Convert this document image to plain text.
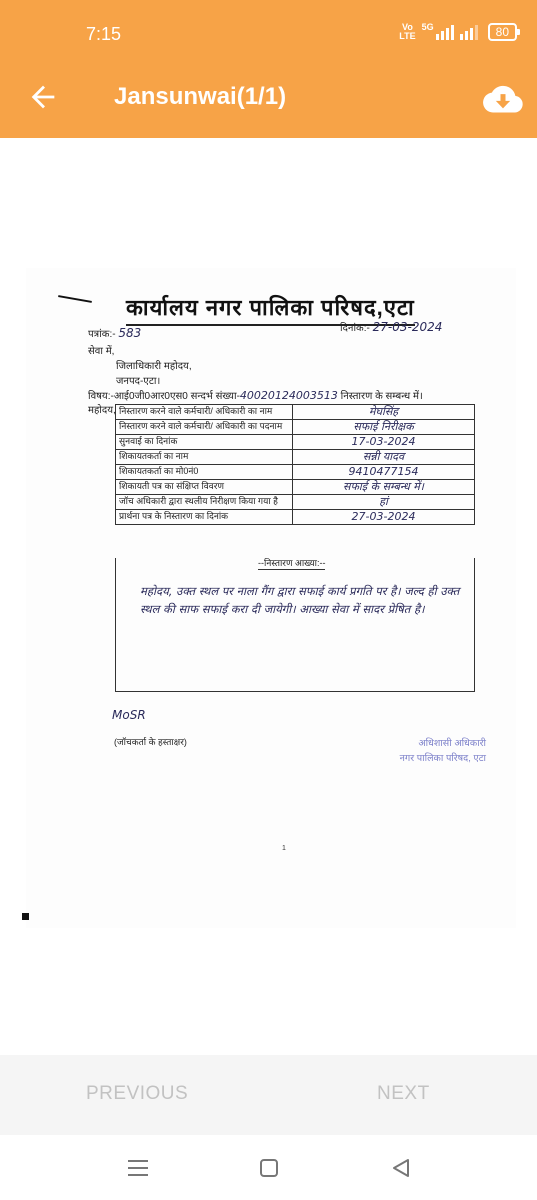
7:15	Vo
LTE
5G	80
Jansunwai(1/1)
कार्यालय नगर पालिका परिषद,एटा
पत्रांक:- 583	दिनांक:- 27-03-2024
सेवा में,
जिलाधिकारी महोदय,
जनपद-एटा।
विषय:-आई0जी0आर0एस0 सन्दर्भ संख्या-40020124003513 निस्तारण के सम्बन्ध में।
महोदय, निस्तारण करने वाले कर्मचारी/ अधिकारी का नाम	मेघसिंह
निस्तारण करने वाले कर्मचारी/ अधिकारी का पदनाम	सफाई निरीक्षक
सुनवाई का दिनांक	17-03-2024
शिकायतकर्ता का नाम	सन्नी यादव
शिकायतकर्ता का मो0नं0	9410477154
शिकायती पत्र का संक्षिप्त विवरण	सफाई के सम्बन्ध में।
जॉच अधिकारी द्वारा स्थलीय निरीक्षण किया गया है	हां
प्रार्थना पत्र के निस्तारण का दिनांक	27-03-2024
--निस्तारण आख्या:--
महोदय, उक्त स्थल पर नाला गैंग द्वारा सफाई कार्य प्रगति पर है। जल्द ही उक्त स्थल की साफ सफाई करा दी जायेगी। आख्या सेवा में सादर प्रेषित है।
MoSR
(जॉचकर्ता के हस्ताक्षर)	अधिशासी अधिकारी
नगर पालिका परिषद, एटा
1
PREVIOUS	NEXT
